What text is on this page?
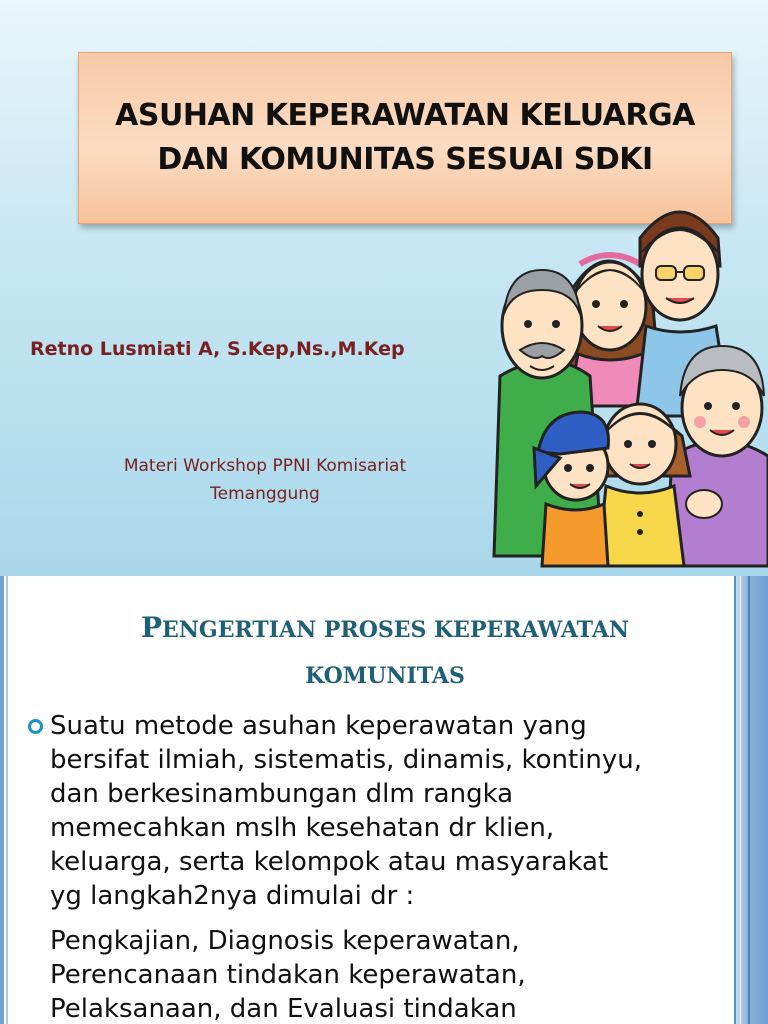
ASUHAN KEPERAWATAN KELUARGA
DAN KOMUNITAS SESUAI SDKI
Retno Lusmiati A, S.Kep,Ns.,M.Kep
Materi Workshop PPNI Komisariat
Temanggung
PENGERTIAN PROSES KEPERAWATAN
KOMUNITAS
Suatu metode asuhan keperawatan yang
bersifat ilmiah, sistematis, dinamis, kontinyu,
dan berkesinambungan dlm rangka
memecahkan mslh kesehatan dr klien,
keluarga, serta kelompok atau masyarakat
yg langkah2nya dimulai dr :
Pengkajian, Diagnosis keperawatan,
Perencanaan tindakan keperawatan,
Pelaksanaan, dan Evaluasi tindakan
